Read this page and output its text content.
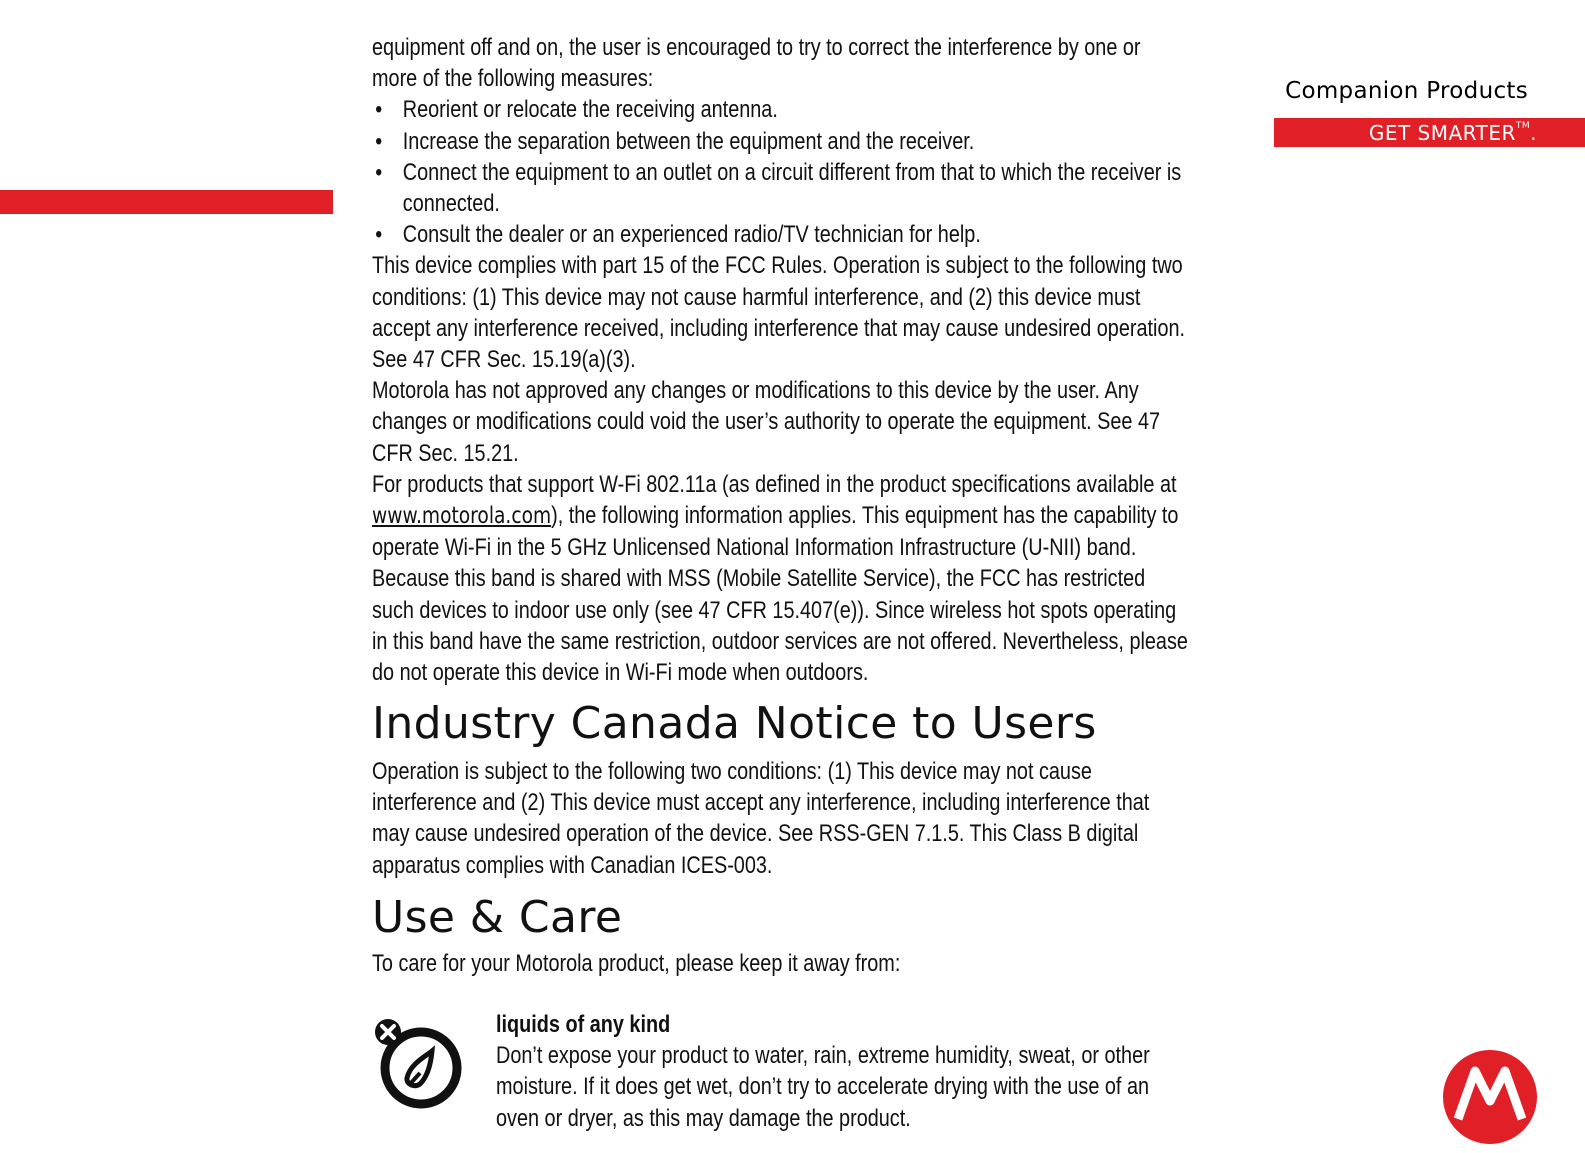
Companion Products
GET SMARTER™.

equipment off and on, the user is encouraged to try to correct the interference by one or more of the following measures:

• Reorient or relocate the receiving antenna.
• Increase the separation between the equipment and the receiver.
• Connect the equipment to an outlet on a circuit different from that to which the receiver is connected.
• Consult the dealer or an experienced radio/TV technician for help.

This device complies with part 15 of the FCC Rules. Operation is subject to the following two conditions: (1) This device may not cause harmful interference, and (2) this device must accept any interference received, including interference that may cause undesired operation. See 47 CFR Sec. 15.19(a)(3).

Motorola has not approved any changes or modifications to this device by the user. Any changes or modifications could void the user’s authority to operate the equipment. See 47 CFR Sec. 15.21.

For products that support W-Fi 802.11a (as defined in the product specifications available at www.motorola.com), the following information applies. This equipment has the capability to operate Wi-Fi in the 5 GHz Unlicensed National Information Infrastructure (U-NII) band. Because this band is shared with MSS (Mobile Satellite Service), the FCC has restricted such devices to indoor use only (see 47 CFR 15.407(e)). Since wireless hot spots operating in this band have the same restriction, outdoor services are not offered. Nevertheless, please do not operate this device in Wi-Fi mode when outdoors.

Industry Canada Notice to Users

Operation is subject to the following two conditions: (1) This device may not cause interference and (2) This device must accept any interference, including interference that may cause undesired operation of the device. See RSS-GEN 7.1.5. This Class B digital apparatus complies with Canadian ICES-003.

Use & Care

To care for your Motorola product, please keep it away from:

liquids of any kind

Don’t expose your product to water, rain, extreme humidity, sweat, or other moisture. If it does get wet, don’t try to accelerate drying with the use of an oven or dryer, as this may damage the product.
